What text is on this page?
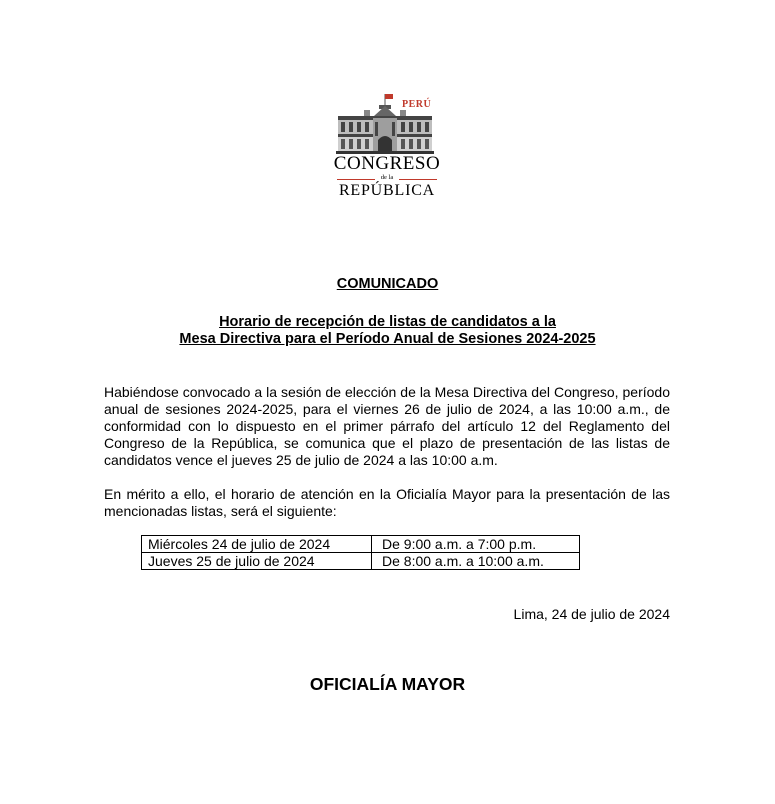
PERÚ
CONGRESO
de la
REPÚBLICA
COMUNICADO
Horario de recepción de listas de candidatos a la
Mesa Directiva para el Período Anual de Sesiones 2024-2025
Habiéndose convocado a la sesión de elección de la Mesa Directiva del Congreso, período anual de sesiones 2024-2025, para el viernes 26 de julio de 2024, a las 10:00 a.m., de conformidad con lo dispuesto en el primer párrafo del artículo 12 del Reglamento del Congreso de la República, se comunica que el plazo de presentación de las listas de candidatos vence el jueves 25 de julio de 2024 a las 10:00 a.m.
En mérito a ello, el horario de atención en la Oficialía Mayor para la presentación de las mencionadas listas, será el siguiente:
Miércoles 24 de julio de 2024	De 9:00 a.m. a 7:00 p.m.
Jueves 25 de julio de 2024	De 8:00 a.m. a 10:00 a.m.
Lima, 24 de julio de 2024
OFICIALÍA MAYOR
